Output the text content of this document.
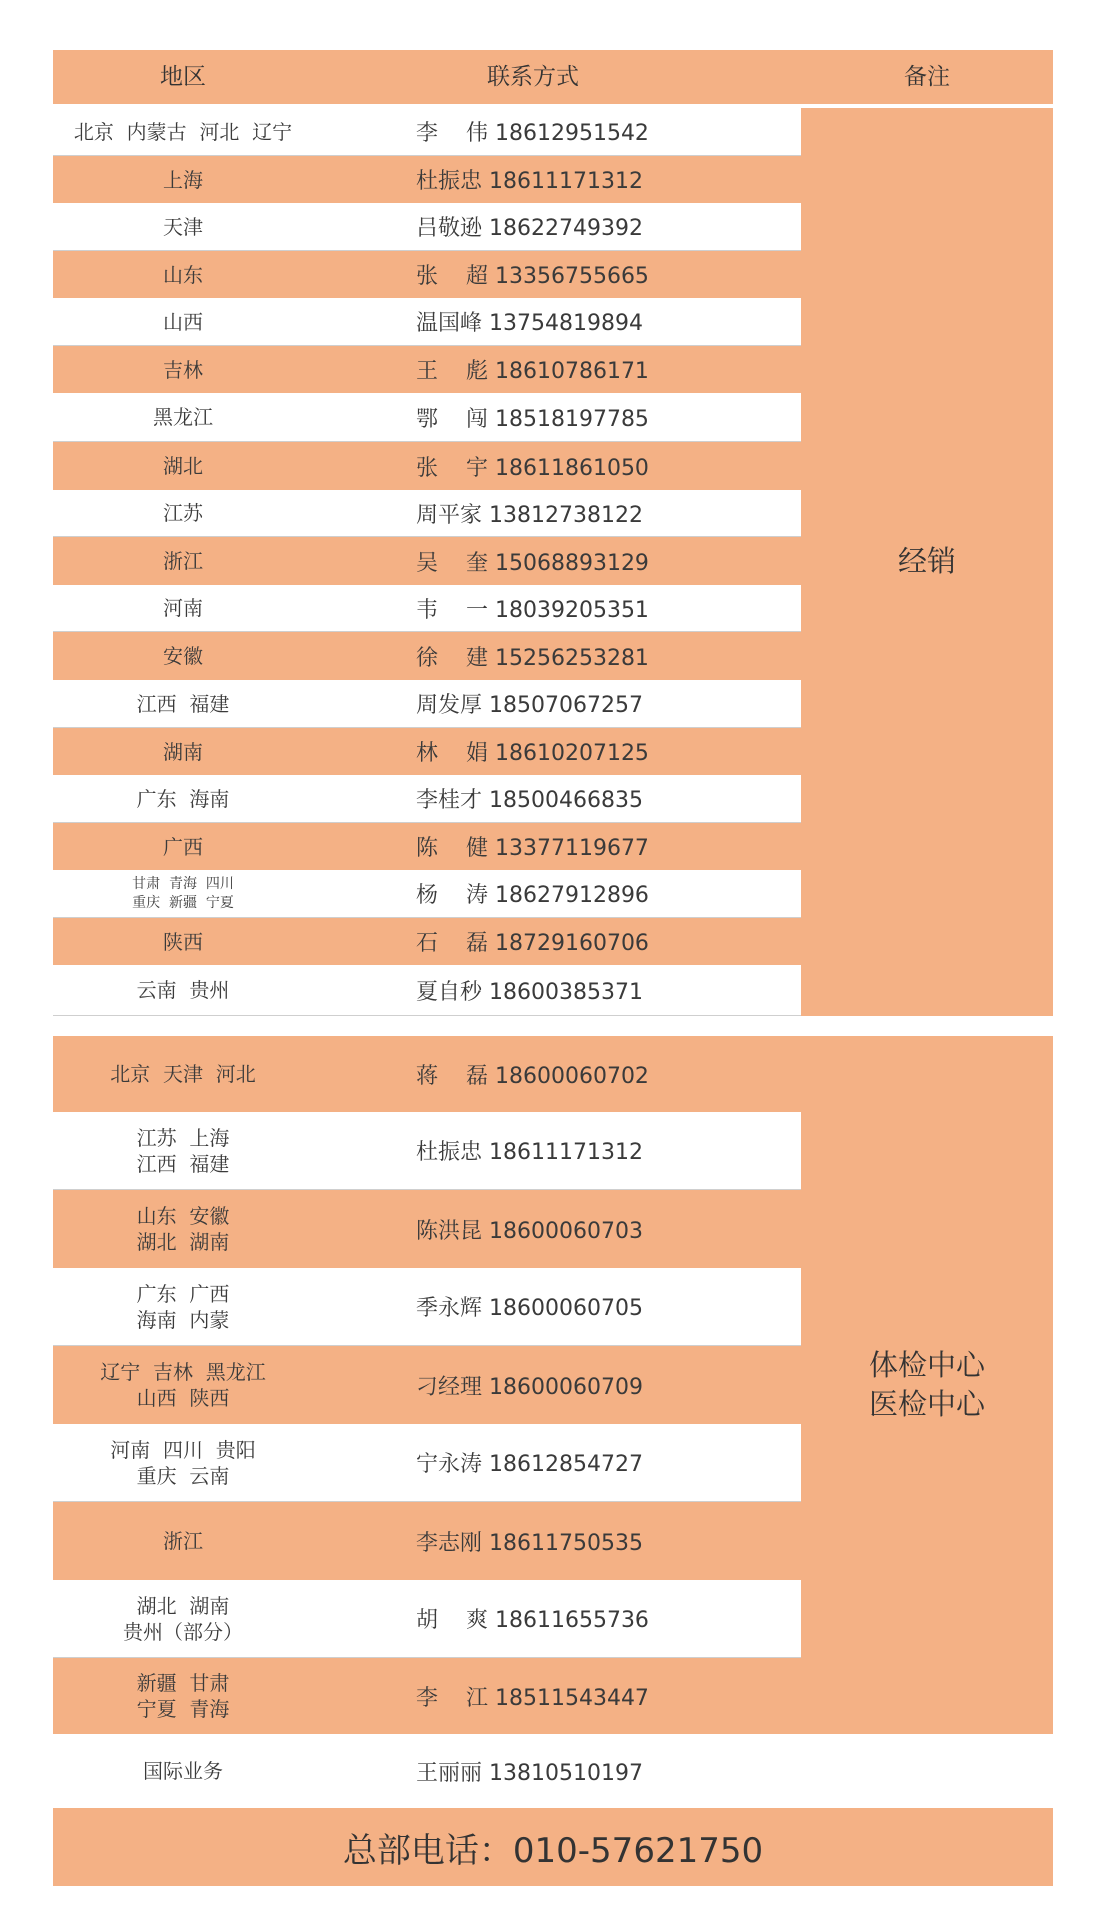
地区	联系方式	备注
北京  内蒙古  河北  辽宁	李    伟 18612951542
上海	杜振忠 18611171312
天津	吕敬逊 18622749392
山东	张    超 13356755665
山西	温国峰 13754819894
吉林	王    彪 18610786171
黑龙江	鄂    闯 18518197785
湖北	张    宇 18611861050
江苏	周平家 13812738122
浙江	吴    奎 15068893129
河南	韦    一 18039205351
安徽	徐    建 15256253281
江西  福建	周发厚 18507067257
湖南	林    娟 18610207125
广东  海南	李桂才 18500466835
广西	陈    健 13377119677
甘肃  青海  四川
重庆  新疆  宁夏	杨    涛 18627912896
陕西	石    磊 18729160706
云南  贵州	夏自秒 18600385371
经销
北京  天津  河北	蒋    磊 18600060702
江苏  上海
江西  福建	杜振忠 18611171312
山东  安徽
湖北  湖南	陈洪昆 18600060703
广东  广西
海南  内蒙	季永辉 18600060705
辽宁  吉林  黑龙江
山西  陕西	刁经理 18600060709
河南  四川  贵阳
重庆  云南	宁永涛 18612854727
浙江	李志刚 18611750535
湖北  湖南
贵州（部分）	胡    爽 18611655736
新疆  甘肃
宁夏  青海	李    江 18511543447
体检中心
医检中心
国际业务	王丽丽 13810510197
总部电话：010-57621750
